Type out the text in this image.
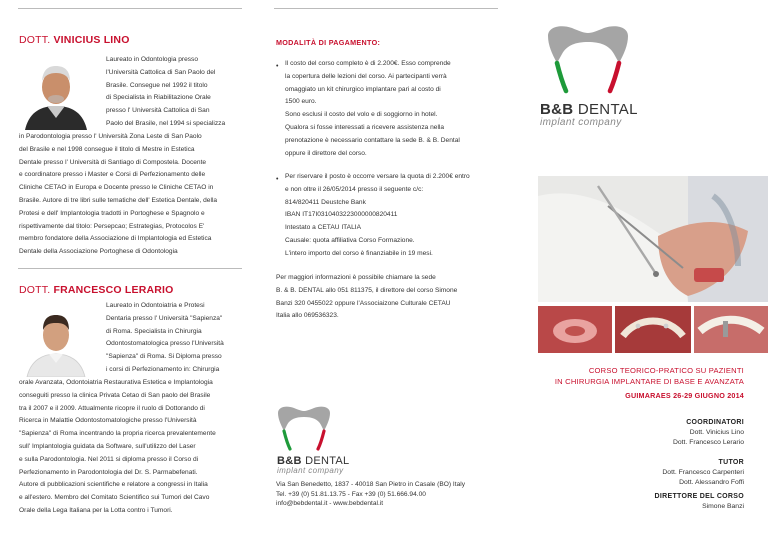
DOTT. VINICIUS LINO

Laureato in Odontologia presso

l'Università Cattolica di San Paolo del

Brasile. Consegue nel 1992 il titolo

di Specialista in Riabilitazione Orale

presso l' Università Cattolica di San

Paolo del Brasile, nel 1994 si specializza

in Parodontologia presso l' Università Zona Leste di San Paolo

del Brasile e nel 1998 consegue il titolo di Mestre in Estetica

Dentale presso l' Università di Santiago di Compostela. Docente

e coordinatore presso i Master e Corsi di Perfezionamento delle

Cliniche CETAO in Europa e Docente presso le Cliniche CETAO in

Brasile. Autore di tre libri sulle tematiche dell' Estetica Dentale, della

Protesi e dell' Implantologia tradotti in Portoghese e Spagnolo e

rispettivamente dal titolo: Persepcao; Estrategias, Protocolos E'

membro fondatore della Associazione di Implantologia ed Estetica

Dentale della Associazione Portoghese di Odontologia

DOTT. FRANCESCO LERARIO

Laureato in Odontoiatria e Protesi

Dentaria presso l' Università "Sapienza"

di Roma. Specialista in Chirurgia

Odontostomatologica presso l'Università

"Sapienza" di Roma. Si Diploma presso

i corsi di Perfezionamento in: Chirurgia

orale Avanzata, Odontoiatria Restaurativa Estetica e Implantologia

conseguiti presso la clinica Privata Cetao di San paolo del Brasile

tra il 2007 e il 2009. Attualmente ricopre il ruolo di Dottorando di

Ricerca in Malattie Odontostomatologiche presso l'Università

"Sapienza" di Roma incentrando la propria ricerca prevalentemente

sull' Implantologia guidata da Software, sull'utilizzo del Laser

e sulla Parodontologia. Nel 2011 si diploma presso il Corso di

Perfezionamento in Parodontologia del Dr. S. Parmabefenati.

Autore di pubblicazioni scientifiche e relatore a congressi in Italia

e all'estero. Membro del Comitato Scientifico sui Tumori del Cavo

Orale della Lega Italiana per la Lotta contro i Tumori.

MODALITÀ DI PAGAMENTO:
• Il costo del corso completo è di 2.200€. Esso comprende

la copertura delle lezioni del corso. Ai partecipanti verrà

omaggiato un kit chirurgico implantare pari al costo di

1500 euro.

Sono esclusi il costo del volo e di soggiorno in hotel.

Qualora si fosse interessati a ricevere assistenza nella

prenotazione è necessario contattare la sede B. & B. Dental

oppure il direttore del corso.

• Per riservare il posto è occorre versare la quota di 2.200€ entro

e non oltre il 26/05/2014 presso il seguente c/c:

814/820411 Deustche Bank

IBAN IT17I0310403223000000820411

Intestato a CETAU ITALIA

Causale: quota affiliativa Corso Formazione.

L'intero importo del corso è finanziabile in 19 mesi.

Per maggiori informazioni è possibile chiamare la sede

B. & B. DENTAL allo 051 811375, il direttore del corso Simone

Banzi 320 0455022 oppure l'Associaizone Culturale CETAU

Italia allo 069536323.

B&B DENTAL
implant company
Via San Benedetto, 1837 - 40018 San Pietro in Casale (BO) Italy
Tel. +39 (0) 51.81.13.75 - Fax +39 (0) 51.666.94.00
info@bebdental.it - www.bebdental.it
B&B DENTAL
implant company
CORSO TEORICO-PRATICO SU PAZIENTI
IN CHIRURGIA IMPLANTARE DI BASE E AVANZATA
GUIMARAES 26-29 GIUGNO 2014
COORDINATORI
Dott. Vinicius Lino
Dott. Francesco Lerario
TUTOR
Dott. Francesco Carpenteri
Dott. Alessandro Foffi
DIRETTORE DEL CORSO
Simone Banzi
